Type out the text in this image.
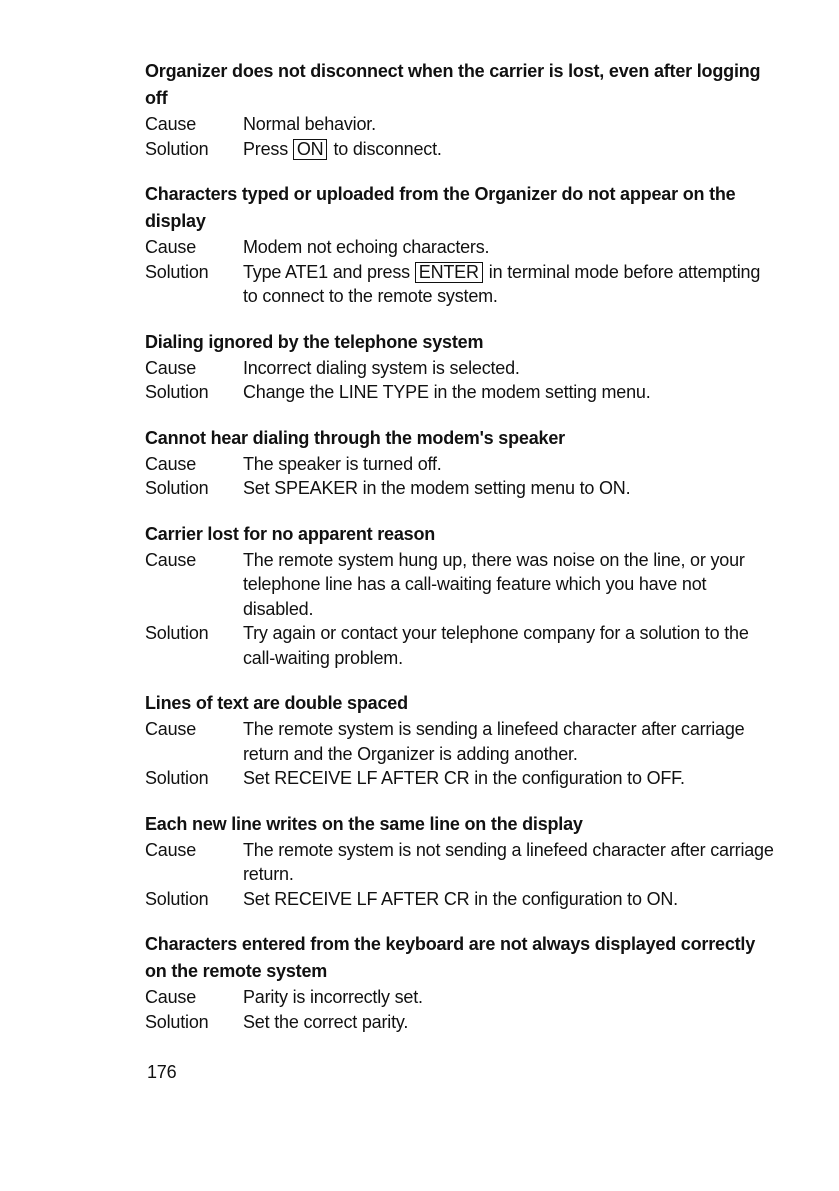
Organizer does not disconnect when the carrier is lost, even after logging off
Cause	Normal behavior.
Solution	Press ON to disconnect.
Characters typed or uploaded from the Organizer do not appear on the display
Cause	Modem not echoing characters.
Solution	Type ATE1 and press ENTER in terminal mode before attempting to connect to the remote system.
Dialing ignored by the telephone system
Cause	Incorrect dialing system is selected.
Solution	Change the LINE TYPE in the modem setting menu.
Cannot hear dialing through the modem's speaker
Cause	The speaker is turned off.
Solution	Set SPEAKER in the modem setting menu to ON.
Carrier lost for no apparent reason
Cause	The remote system hung up, there was noise on the line, or your telephone line has a call-waiting feature which you have not disabled.
Solution	Try again or contact your telephone company for a solution to the call-waiting problem.
Lines of text are double spaced
Cause	The remote system is sending a linefeed character after carriage return and the Organizer is adding another.
Solution	Set RECEIVE LF AFTER CR in the configuration to OFF.
Each new line writes on the same line on the display
Cause	The remote system is not sending a linefeed character after carriage return.
Solution	Set RECEIVE LF AFTER CR in the configuration to ON.
Characters entered from the keyboard are not always displayed correctly on the remote system
Cause	Parity is incorrectly set.
Solution	Set the correct parity.
176
